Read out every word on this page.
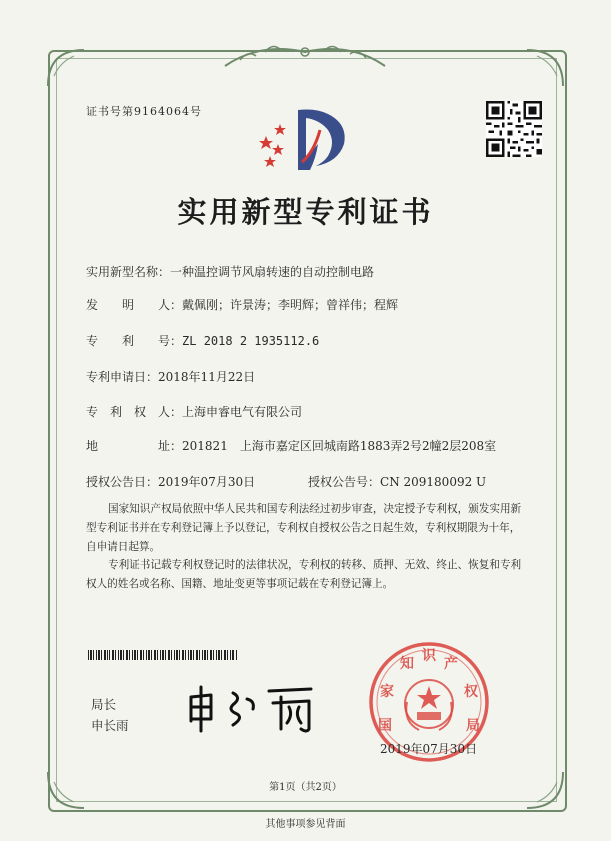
证书号第9164064号
实用新型专利证书
实用新型名称：一种温控调节风扇转速的自动控制电路
发　　明　　人：戴佩刚；许景涛；李明辉；曾祥伟；程辉
专　　利　　号：ZL 2018 2 1935112.6
专利申请日：2018年11月22日
专　利　权　人：上海申睿电气有限公司
地　　　　　址：201821　上海市嘉定区回城南路1883弄2号2幢2层208室
授权公告日：2019年07月30日	授权公告号：CN 209180092 U
国家知识产权局依照中华人民共和国专利法经过初步审查，决定授予专利权，颁发实用新型专利证书并在专利登记簿上予以登记，专利权自授权公告之日起生效，专利权期限为十年，自申请日起算。
专利证书记载专利权登记时的法律状况，专利权的转移、质押、无效、终止、恢复和专利权人的姓名或名称、国籍、地址变更等事项记载在专利登记簿上。
局长
申长雨	国
家
知 识 产
权
局
2019年07月30日
第1页（共2页）
其他事项参见背面
